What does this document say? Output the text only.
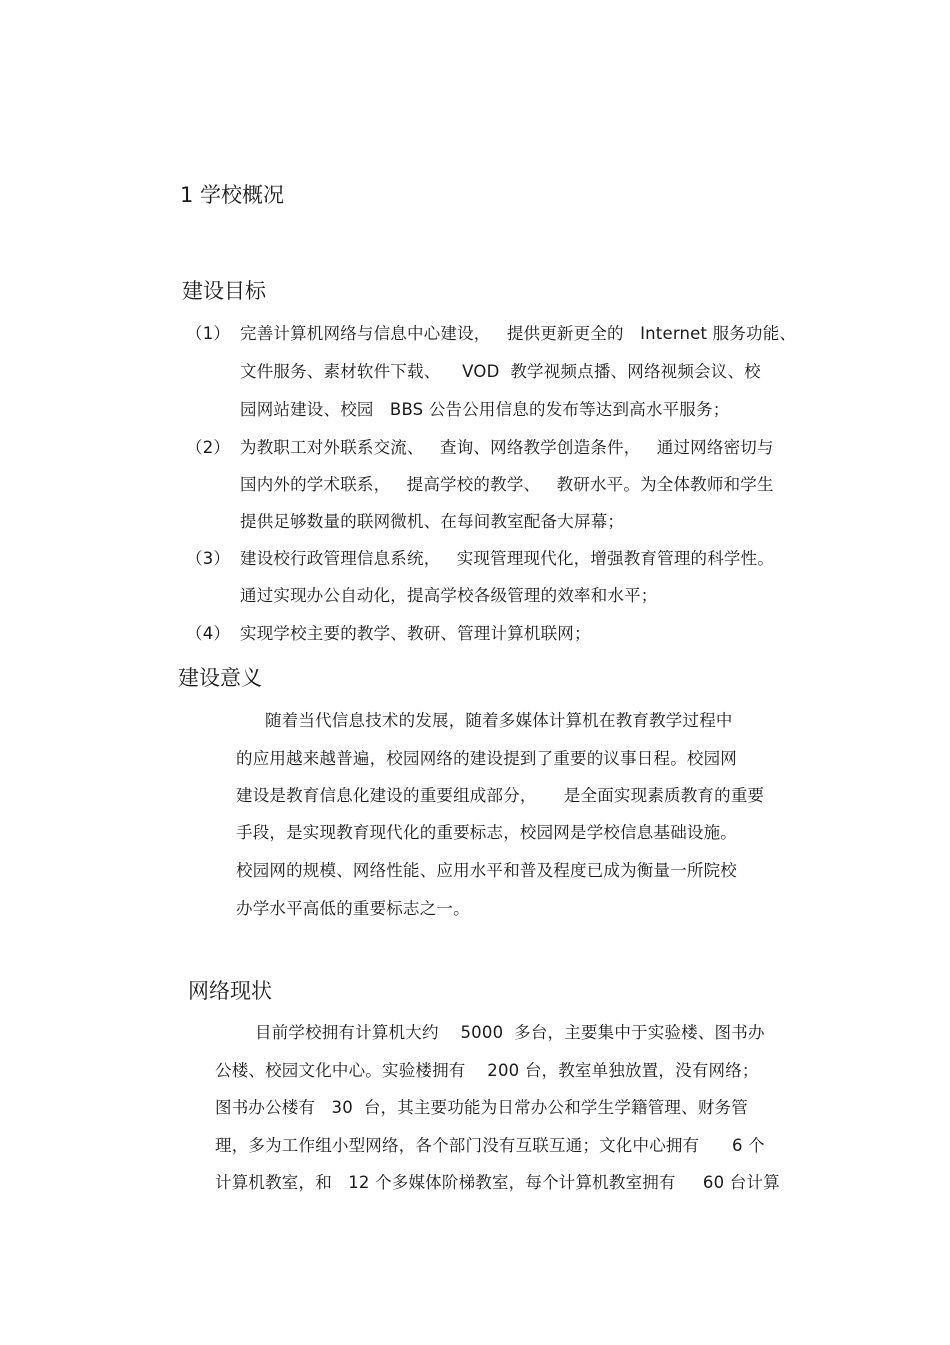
1 学校概况
建设目标
（1） 完善计算机网络与信息中心建设，   提供更新更全的   Internet 服务功能、
文件服务、素材软件下载、    VOD  教学视频点播、网络视频会议、校
园网站建设、校园   BBS 公告公用信息的发布等达到高水平服务；
（2） 为教职工对外联系交流、   查询、网络教学创造条件，   通过网络密切与
国内外的学术联系，   提高学校的教学、   教研水平。为全体教师和学生
提供足够数量的联网微机、在每间教室配备大屏幕；
（3） 建设校行政管理信息系统，   实现管理现代化，增强教育管理的科学性。
通过实现办公自动化，提高学校各级管理的效率和水平；
（4） 实现学校主要的教学、教研、管理计算机联网；
建设意义
随着当代信息技术的发展，随着多媒体计算机在教育教学过程中
的应用越来越普遍，校园网络的建设提到了重要的议事日程。校园网
建设是教育信息化建设的重要组成部分，     是全面实现素质教育的重要
手段，是实现教育现代化的重要标志，校园网是学校信息基础设施。
校园网的规模、网络性能、应用水平和普及程度已成为衡量一所院校
办学水平高低的重要标志之一。
网络现状
目前学校拥有计算机大约    5000  多台，主要集中于实验楼、图书办
公楼、校园文化中心。实验楼拥有    200 台，教室单独放置，没有网络；
图书办公楼有   30  台，其主要功能为日常办公和学生学籍管理、财务管
理，多为工作组小型网络，各个部门没有互联互通；文化中心拥有      6 个
计算机教室，和   12 个多媒体阶梯教室，每个计算机教室拥有     60 台计算
